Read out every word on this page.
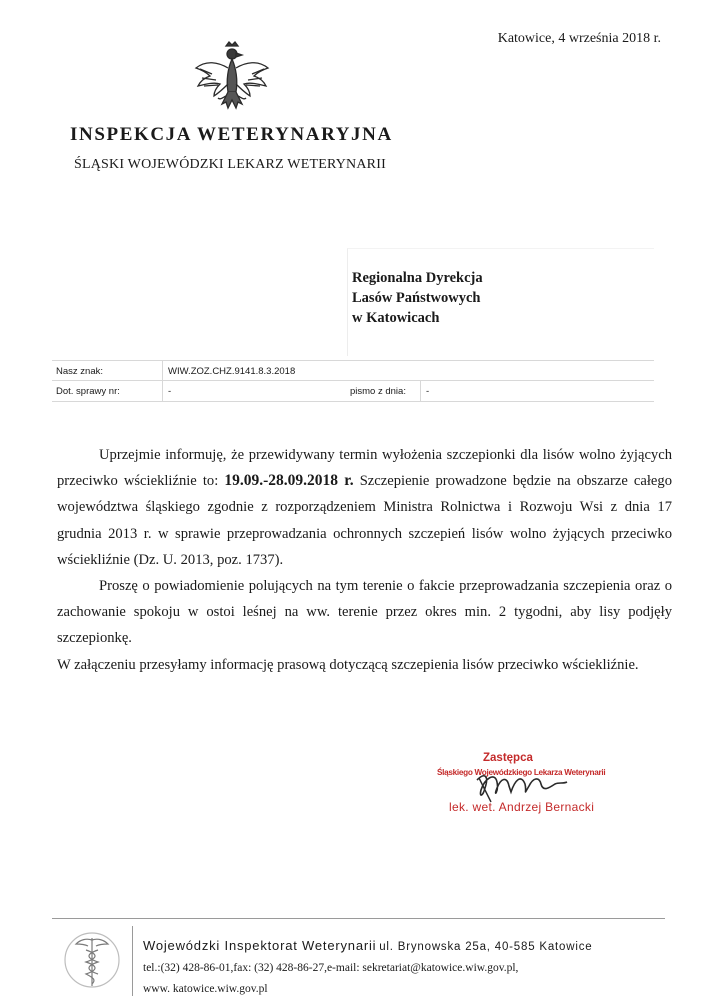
Katowice, 4 września 2018 r.
INSPEKCJA WETERYNARYJNA
ŚLĄSKI WOJEWÓDZKI LEKARZ WETERYNARII
Regionalna Dyrekcja
Lasów Państwowych
w Katowicach
Nasz znak:	WIW.ZOZ.CHZ.9141.8.3.2018
Dot. sprawy nr:	-	pismo z dnia: -

Uprzejmie informuję, że przewidywany termin wyłożenia szczepionki dla lisów wolno żyjących przeciwko wściekliźnie to: 19.09.-28.09.2018 r. Szczepienie prowadzone będzie na obszarze całego województwa śląskiego zgodnie z rozporządzeniem Ministra Rolnictwa i Rozwoju Wsi z dnia 17 grudnia 2013 r. w sprawie przeprowadzania ochronnych szczepień lisów wolno żyjących przeciwko wściekliźnie (Dz. U. 2013, poz. 1737).

Proszę o powiadomienie polujących na tym terenie o fakcie przeprowadzania szczepienia oraz o zachowanie spokoju w ostoi leśnej na ww. terenie przez okres min. 2 tygodni, aby lisy podjęły szczepionkę.

W załączeniu przesyłamy informację prasową dotyczącą szczepienia lisów przeciwko wściekliźnie.

Zastępca
Śląskiego Wojewódzkiego Lekarza Weterynarii
lek. wet. Andrzej Bernacki
Wojewódzki Inspektorat Weterynarii ul. Brynowska 25a, 40-585 Katowice
tel.:(32) 428-86-01,fax: (32) 428-86-27,e-mail: sekretariat@katowice.wiw.gov.pl,
www. katowice.wiw.gov.pl
